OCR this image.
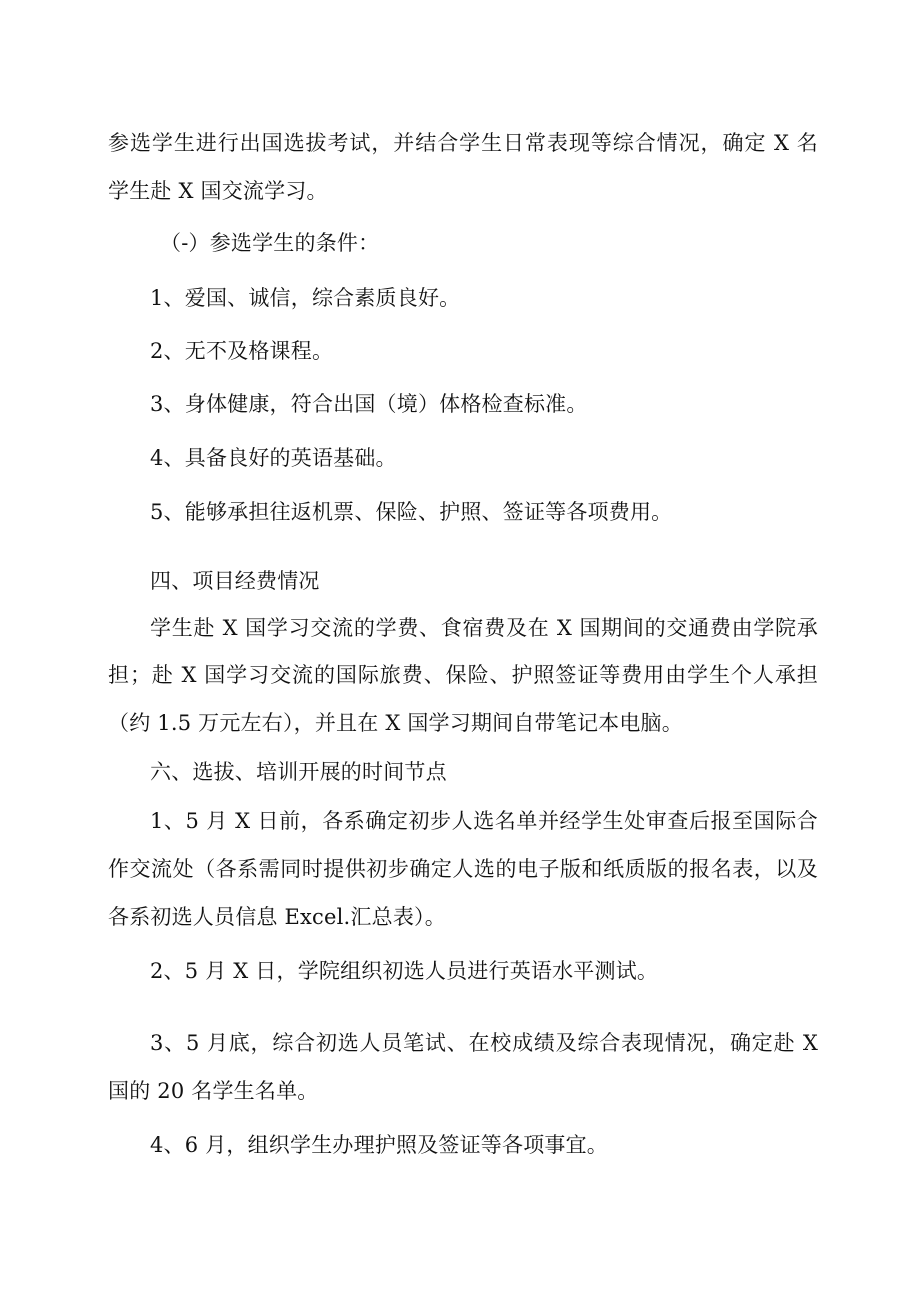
参选学生进行出国选拔考试，并结合学生日常表现等综合情况，确定 X 名
学生赴 X 国交流学习。
（-）参选学生的条件：
1、爱国、诚信，综合素质良好。
2、无不及格课程。
3、身体健康，符合出国（境）体格检查标准。
4、具备良好的英语基础。
5、能够承担往返机票、保险、护照、签证等各项费用。
四、项目经费情况
学生赴 X 国学习交流的学费、食宿费及在 X 国期间的交通费由学院承
担；赴 X 国学习交流的国际旅费、保险、护照签证等费用由学生个人承担
（约 1.5 万元左右），并且在 X 国学习期间自带笔记本电脑。
六、选拔、培训开展的时间节点
1、5 月 X 日前，各系确定初步人选名单并经学生处审查后报至国际合
作交流处（各系需同时提供初步确定人选的电子版和纸质版的报名表，以及
各系初选人员信息 Excel.汇总表）。
2、5 月 X 日，学院组织初选人员进行英语水平测试。
3、5 月底，综合初选人员笔试、在校成绩及综合表现情况，确定赴 X
国的 20 名学生名单。
4、6 月，组织学生办理护照及签证等各项事宜。
